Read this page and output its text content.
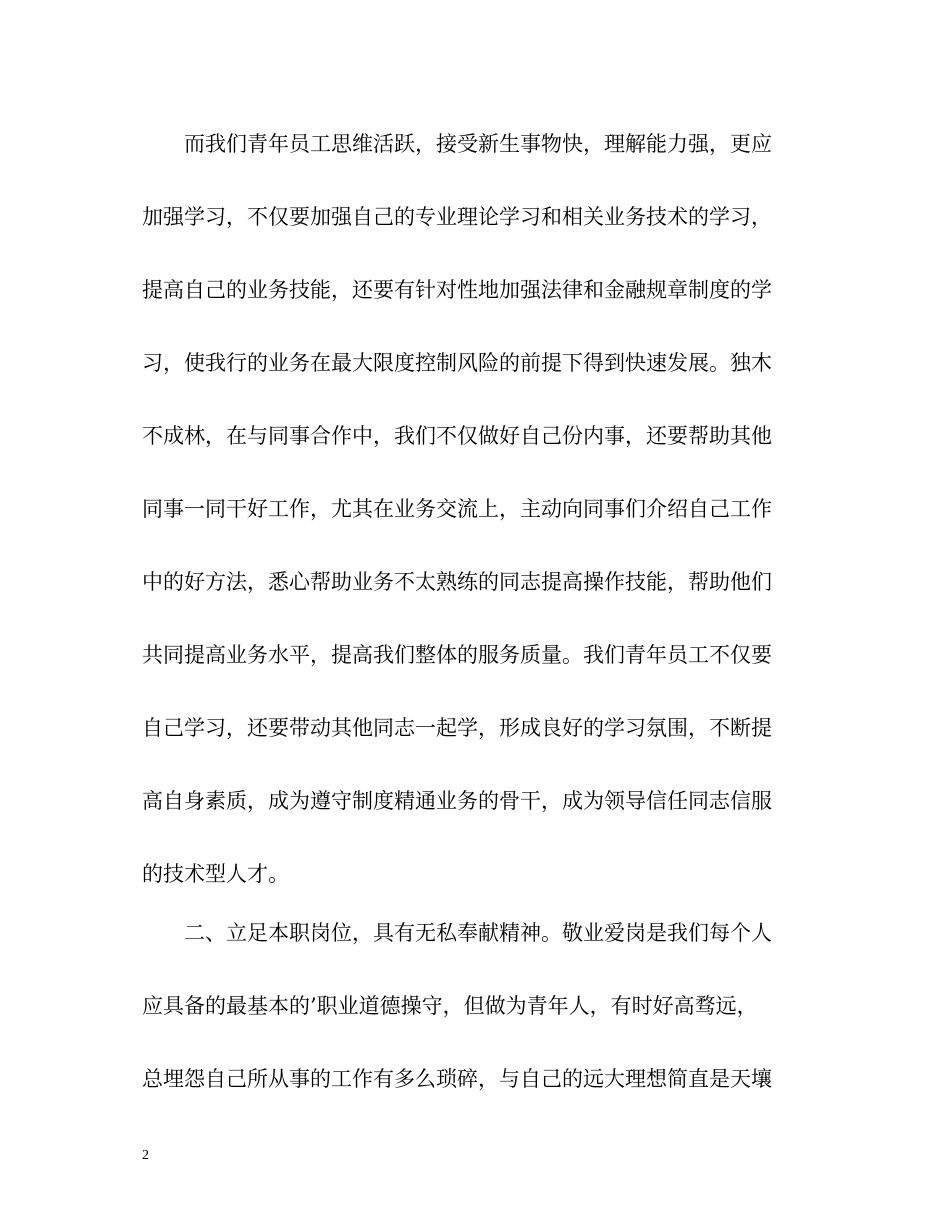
而我们青年员工思维活跃，接受新生事物快，理解能力强，更应
加强学习，不仅要加强自己的专业理论学习和相关业务技术的学习，
提高自己的业务技能，还要有针对性地加强法律和金融规章制度的学
习，使我行的业务在最大限度控制风险的前提下得到快速发展。独木
不成林，在与同事合作中，我们不仅做好自己份内事，还要帮助其他
同事一同干好工作，尤其在业务交流上，主动向同事们介绍自己工作
中的好方法，悉心帮助业务不太熟练的同志提高操作技能，帮助他们
共同提高业务水平，提高我们整体的服务质量。我们青年员工不仅要
自己学习，还要带动其他同志一起学，形成良好的学习氛围，不断提
高自身素质，成为遵守制度精通业务的骨干，成为领导信任同志信服
的技术型人才。
二、立足本职岗位，具有无私奉献精神。敬业爱岗是我们每个人
应具备的最基本的’职业道德操守，但做为青年人，有时好高骛远，
总埋怨自己所从事的工作有多么琐碎，与自己的远大理想简直是天壤
2
